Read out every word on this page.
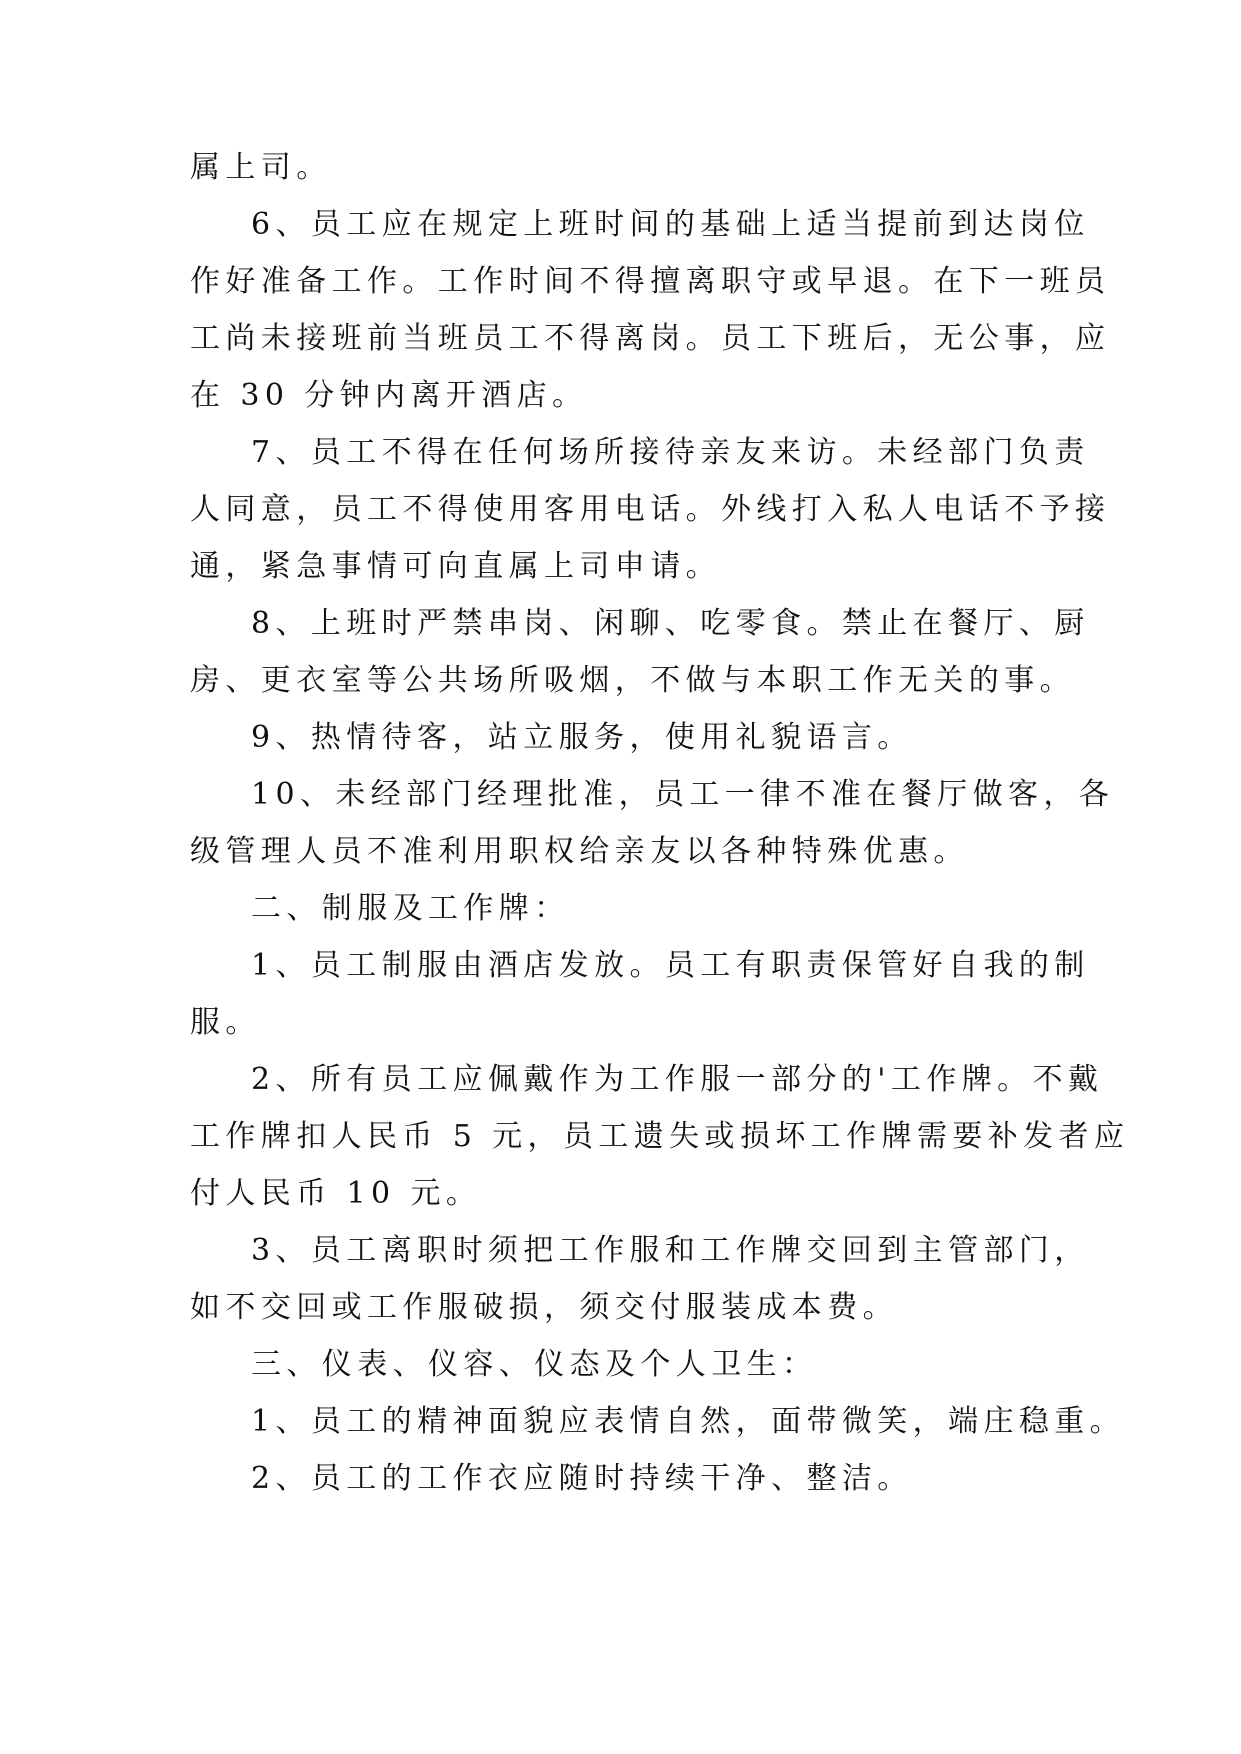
属上司。
6、员工应在规定上班时间的基础上适当提前到达岗位
作好准备工作。工作时间不得擅离职守或早退。在下一班员
工尚未接班前当班员工不得离岗。员工下班后，无公事，应
在 30 分钟内离开酒店。
7、员工不得在任何场所接待亲友来访。未经部门负责
人同意，员工不得使用客用电话。外线打入私人电话不予接
通，紧急事情可向直属上司申请。
8、上班时严禁串岗、闲聊、吃零食。禁止在餐厅、厨
房、更衣室等公共场所吸烟，不做与本职工作无关的事。
9、热情待客，站立服务，使用礼貌语言。
10、未经部门经理批准，员工一律不准在餐厅做客，各
级管理人员不准利用职权给亲友以各种特殊优惠。
二、制服及工作牌：
1、员工制服由酒店发放。员工有职责保管好自我的制
服。
2、所有员工应佩戴作为工作服一部分的'工作牌。不戴
工作牌扣人民币 5 元，员工遗失或损坏工作牌需要补发者应
付人民币 10 元。
3、员工离职时须把工作服和工作牌交回到主管部门，
如不交回或工作服破损，须交付服装成本费。
三、仪表、仪容、仪态及个人卫生：
1、员工的精神面貌应表情自然，面带微笑，端庄稳重。
2、员工的工作衣应随时持续干净、整洁。
